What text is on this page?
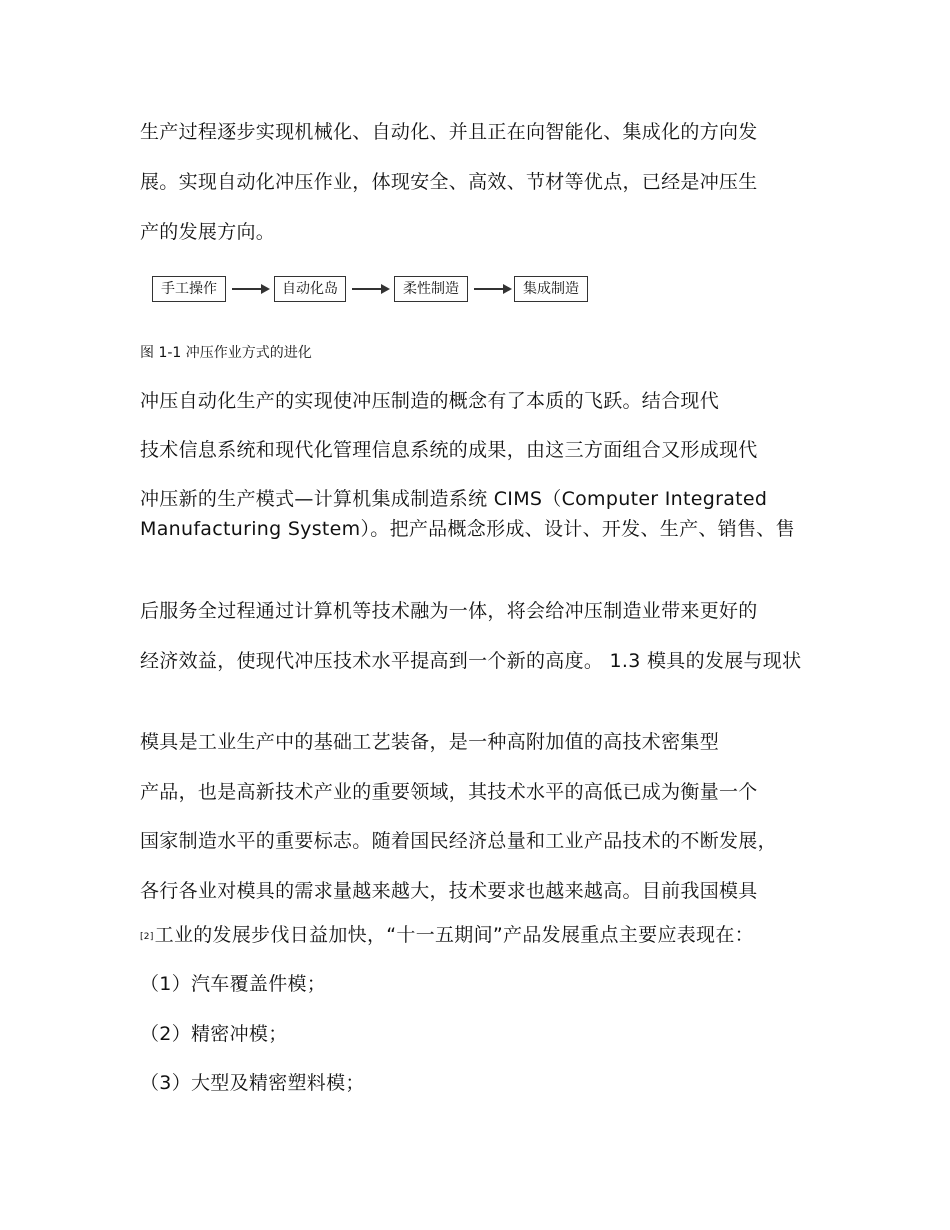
生产过程逐步实现机械化、自动化、并且正在向智能化、集成化的方向发

展。实现自动化冲压作业，体现安全、高效、节材等优点，已经是冲压生

产的发展方向。

手工操作	自动化岛	柔性制造	集成制造

图 1-1 冲压作业方式的进化

冲压自动化生产的实现使冲压制造的概念有了本质的飞跃。结合现代

技术信息系统和现代化管理信息系统的成果，由这三方面组合又形成现代

冲压新的生产模式—计算机集成制造系统 CIMS（Computer Integrated Manufacturing System）。把产品概念形成、设计、开发、生产、销售、售

后服务全过程通过计算机等技术融为一体，将会给冲压制造业带来更好的

经济效益，使现代冲压技术水平提高到一个新的高度。 1.3 模具的发展与现状

模具是工业生产中的基础工艺装备，是一种高附加值的高技术密集型

产品，也是高新技术产业的重要领域，其技术水平的高低已成为衡量一个

国家制造水平的重要标志。随着国民经济总量和工业产品技术的不断发展，

各行各业对模具的需求量越来越大，技术要求也越来越高。目前我国模具

[2]工业的发展步伐日益加快，“十一五期间”产品发展重点主要应表现在：

（1）汽车覆盖件模；

（2）精密冲模；

（3）大型及精密塑料模；
